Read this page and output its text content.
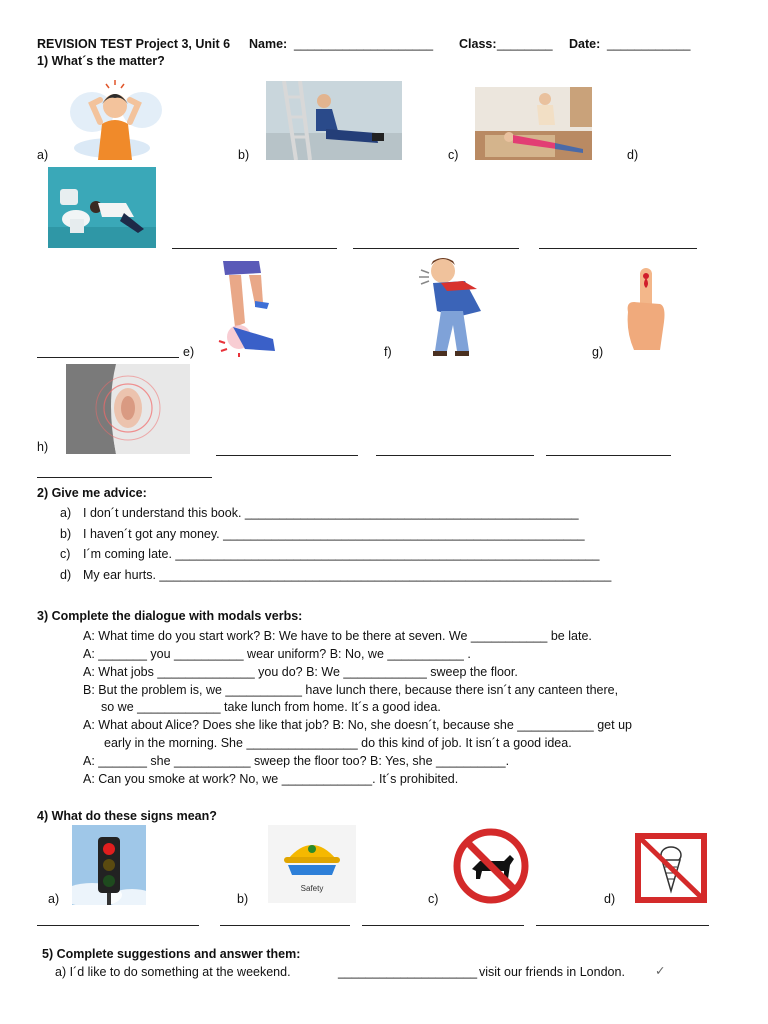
REVISION TEST Project 3, Unit 6 Name: ____________________ Class: ________ Date: ____________
1) What´s the matter?
a)	b)	c)	d)
e)	f)	g)
h)
2) Give me advice:
a) I don´t understand this book. ________________________________________________
b) I haven´t got any money. ____________________________________________________
c) I´m coming late. _____________________________________________________________
d) My ear hurts. _________________________________________________________________
3) Complete the dialogue with modals verbs:
A: What time do you start work? B: We have to be there at seven. We ___________ be late.
A: _______ you __________ wear uniform? B: No, we ___________ .
A: What jobs ______________ you do? B: We ____________ sweep the floor.
B: But the problem is, we ___________ have lunch there, because there isn´t any canteen there,
so we ____________ take lunch from home. It´s a good idea.
A: What about Alice? Does she like that job? B: No, she doesn´t, because she ___________ get up
early in the morning. She ________________ do this kind of job. It isn´t a good idea.
A: _______ she ___________ sweep the floor too? B: Yes, she __________.
A: Can you smoke at work? No, we _____________. It´s prohibited.
4) What do these signs mean?
Safety
a)	b)	c)	d)
5) Complete suggestions and answer them:
a) I´d like to do something at the weekend.	____________________ visit our friends in London. ✓
